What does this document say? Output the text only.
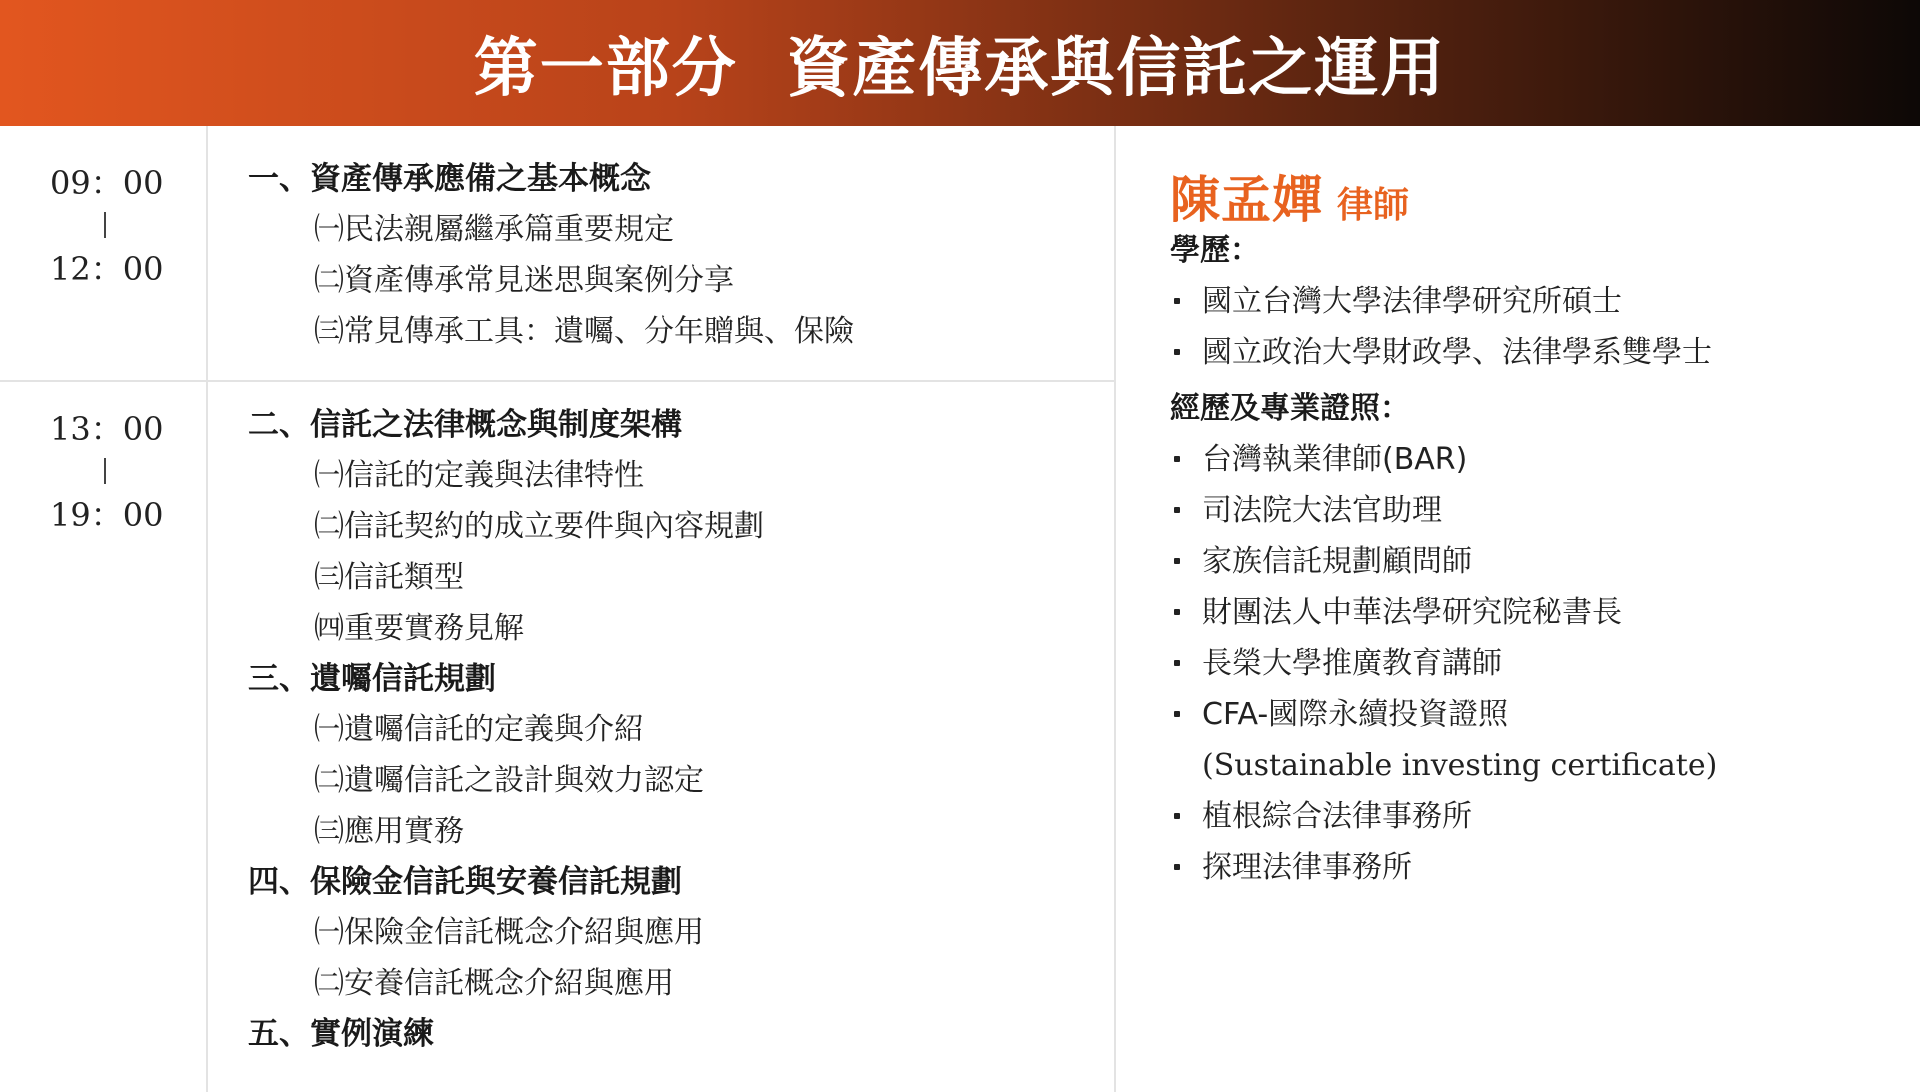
第一部分  資產傳承與信託之運用
09：00
12：00
一、資產傳承應備之基本概念
㈠民法親屬繼承篇重要規定
㈡資產傳承常見迷思與案例分享
㈢常見傳承工具：遺囑、分年贈與、保險
13：00
19：00
二、信託之法律概念與制度架構
㈠信託的定義與法律特性
㈡信託契約的成立要件與內容規劃
㈢信託類型
㈣重要實務見解
三、遺囑信託規劃
㈠遺囑信託的定義與介紹
㈡遺囑信託之設計與效力認定
㈢應用實務
四、保險金信託與安養信託規劃
㈠保險金信託概念介紹與應用
㈡安養信託概念介紹與應用
五、實例演練
陳孟嬋 律師
學歷：
國立台灣大學法律學研究所碩士
國立政治大學財政學、法律學系雙學士
經歷及專業證照：
台灣執業律師(BAR)
司法院大法官助理
家族信託規劃顧問師
財團法人中華法學研究院秘書長
長榮大學推廣教育講師
CFA-國際永續投資證照
(Sustainable investing certificate)
植根綜合法律事務所
探理法律事務所
